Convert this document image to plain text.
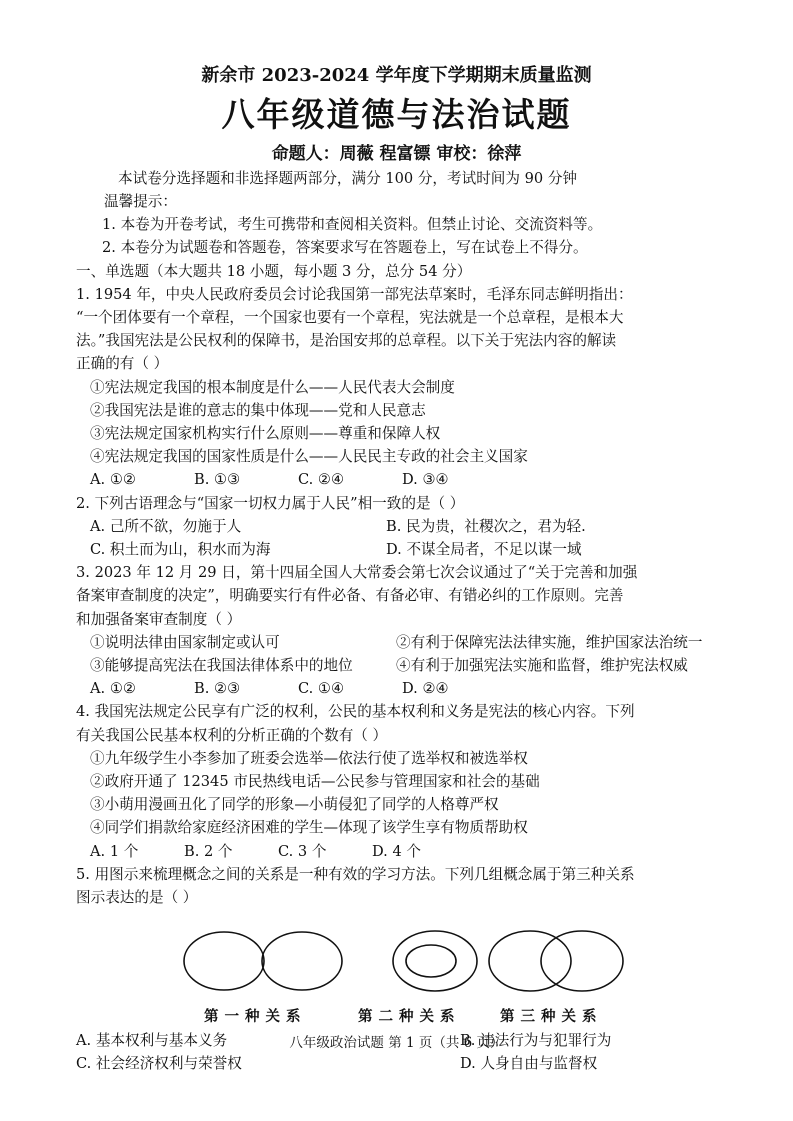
新余市 2023-2024 学年度下学期期末质量监测
八年级道德与法治试题
命题人：周薇 程富镖 审校：徐萍
本试卷分选择题和非选择题两部分，满分 100 分，考试时间为 90 分钟
温馨提示：
1. 本卷为开卷考试，考生可携带和查阅相关资料。但禁止讨论、交流资料等。
2. 本卷分为试题卷和答题卷，答案要求写在答题卷上，写在试卷上不得分。
一、单选题（本大题共 18 小题，每小题 3 分，总分 54 分）
1. 1954 年，中央人民政府委员会讨论我国第一部宪法草案时，毛泽东同志鲜明指出：
“一个团体要有一个章程，一个国家也要有一个章程，宪法就是一个总章程，是根本大
法。”我国宪法是公民权利的保障书，是治国安邦的总章程。以下关于宪法内容的解读
正确的有（ ）
①宪法规定我国的根本制度是什么——人民代表大会制度
②我国宪法是谁的意志的集中体现——党和人民意志
③宪法规定国家机构实行什么原则——尊重和保障人权
④宪法规定我国的国家性质是什么——人民民主专政的社会主义国家
A. ①②	B. ①③	C. ②④	D. ③④
2. 下列古语理念与“国家一切权力属于人民”相一致的是（ ）
A. 己所不欲，勿施于人	B. 民为贵，社稷次之，君为轻.
C. 积土而为山，积水而为海	D. 不谋全局者，不足以谋一域
3. 2023 年 12 月 29 日，第十四届全国人大常委会第七次会议通过了“关于完善和加强
备案审查制度的决定”，明确要实行有件必备、有备必审、有错必纠的工作原则。完善
和加强备案审查制度（ ）
①说明法律由国家制定或认可	②有利于保障宪法法律实施，维护国家法治统一
③能够提高宪法在我国法律体系中的地位	④有利于加强宪法实施和监督，维护宪法权威
A. ①②	B. ②③	C. ①④	D. ②④
4. 我国宪法规定公民享有广泛的权利，公民的基本权利和义务是宪法的核心内容。下列
有关我国公民基本权利的分析正确的个数有（ ）
①九年级学生小李参加了班委会选举—依法行使了选举权和被选举权
②政府开通了 12345 市民热线电话—公民参与管理国家和社会的基础
③小萌用漫画丑化了同学的形象—小萌侵犯了同学的人格尊严权
④同学们捐款给家庭经济困难的学生—体现了该学生享有物质帮助权
A. 1 个	B. 2 个	C. 3 个	D. 4 个
5. 用图示来梳理概念之间的关系是一种有效的学习方法。下列几组概念属于第三种关系
图示表达的是（ ）
第一种关系	第二种关系	第三种关系
A. 基本权利与基本义务	B. 违法行为与犯罪行为
C. 社会经济权利与荣誉权	D. 人身自由与监督权
八年级政治试题 第 1 页（共 6 页）
